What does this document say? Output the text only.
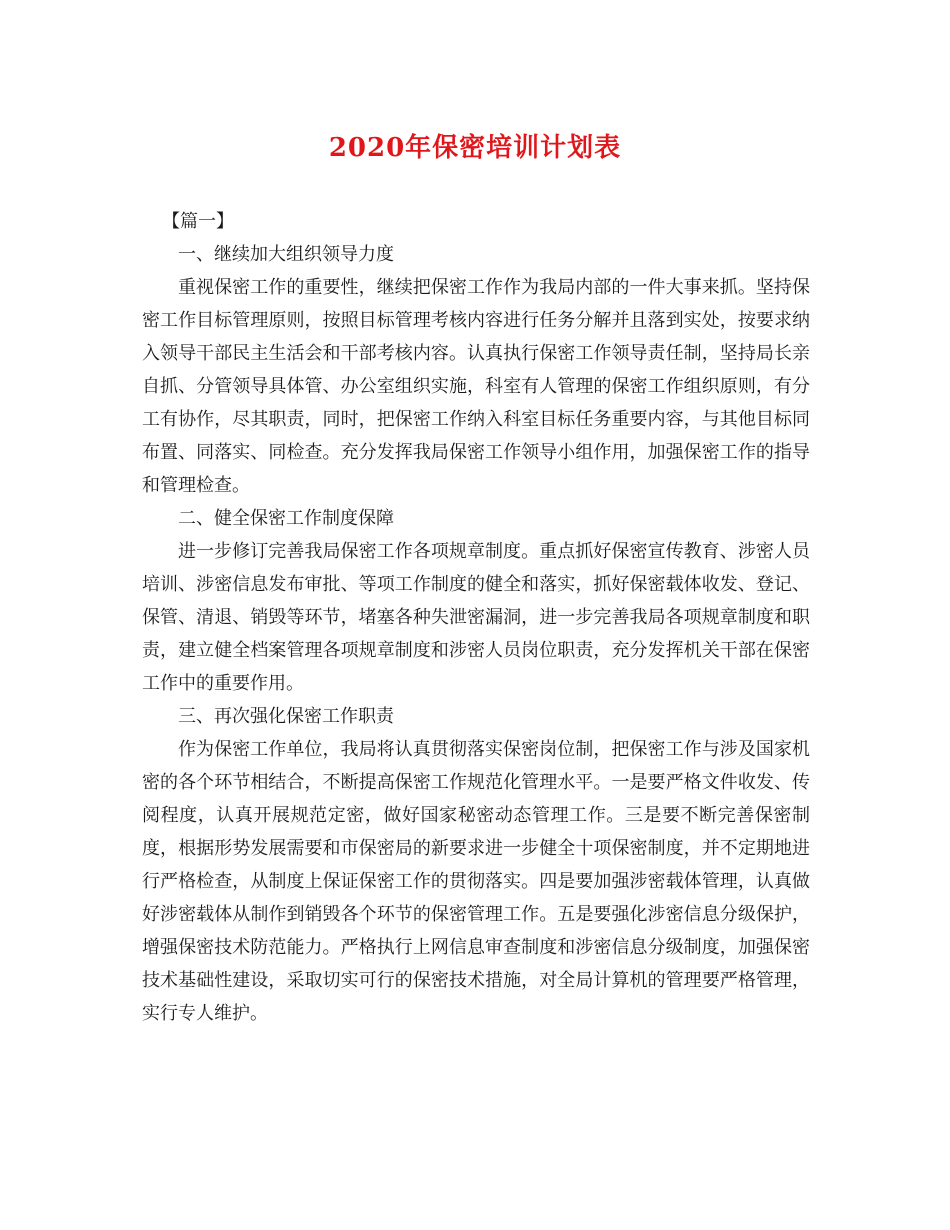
2020年保密培训计划表

【篇一】

一、继续加大组织领导力度

重视保密工作的重要性，继续把保密工作作为我局内部的一件大事来抓。坚持保密工作目标管理原则，按照目标管理考核内容进行任务分解并且落到实处，按要求纳入领导干部民主生活会和干部考核内容。认真执行保密工作领导责任制，坚持局长亲自抓、分管领导具体管、办公室组织实施，科室有人管理的保密工作组织原则，有分工有协作，尽其职责，同时，把保密工作纳入科室目标任务重要内容，与其他目标同布置、同落实、同检查。充分发挥我局保密工作领导小组作用，加强保密工作的指导和管理检查。

二、健全保密工作制度保障

进一步修订完善我局保密工作各项规章制度。重点抓好保密宣传教育、涉密人员培训、涉密信息发布审批、等项工作制度的健全和落实，抓好保密载体收发、登记、保管、清退、销毁等环节，堵塞各种失泄密漏洞，进一步完善我局各项规章制度和职责，建立健全档案管理各项规章制度和涉密人员岗位职责，充分发挥机关干部在保密工作中的重要作用。

三、再次强化保密工作职责

作为保密工作单位，我局将认真贯彻落实保密岗位制，把保密工作与涉及国家机密的各个环节相结合，不断提高保密工作规范化管理水平。一是要严格文件收发、传阅程度，认真开展规范定密，做好国家秘密动态管理工作。三是要不断完善保密制度，根据形势发展需要和市保密局的新要求进一步健全十项保密制度，并不定期地进行严格检查，从制度上保证保密工作的贯彻落实。四是要加强涉密载体管理，认真做好涉密载体从制作到销毁各个环节的保密管理工作。五是要强化涉密信息分级保护，增强保密技术防范能力。严格执行上网信息审查制度和涉密信息分级制度，加强保密技术基础性建设，采取切实可行的保密技术措施，对全局计算机的管理要严格管理，实行专人维护。
